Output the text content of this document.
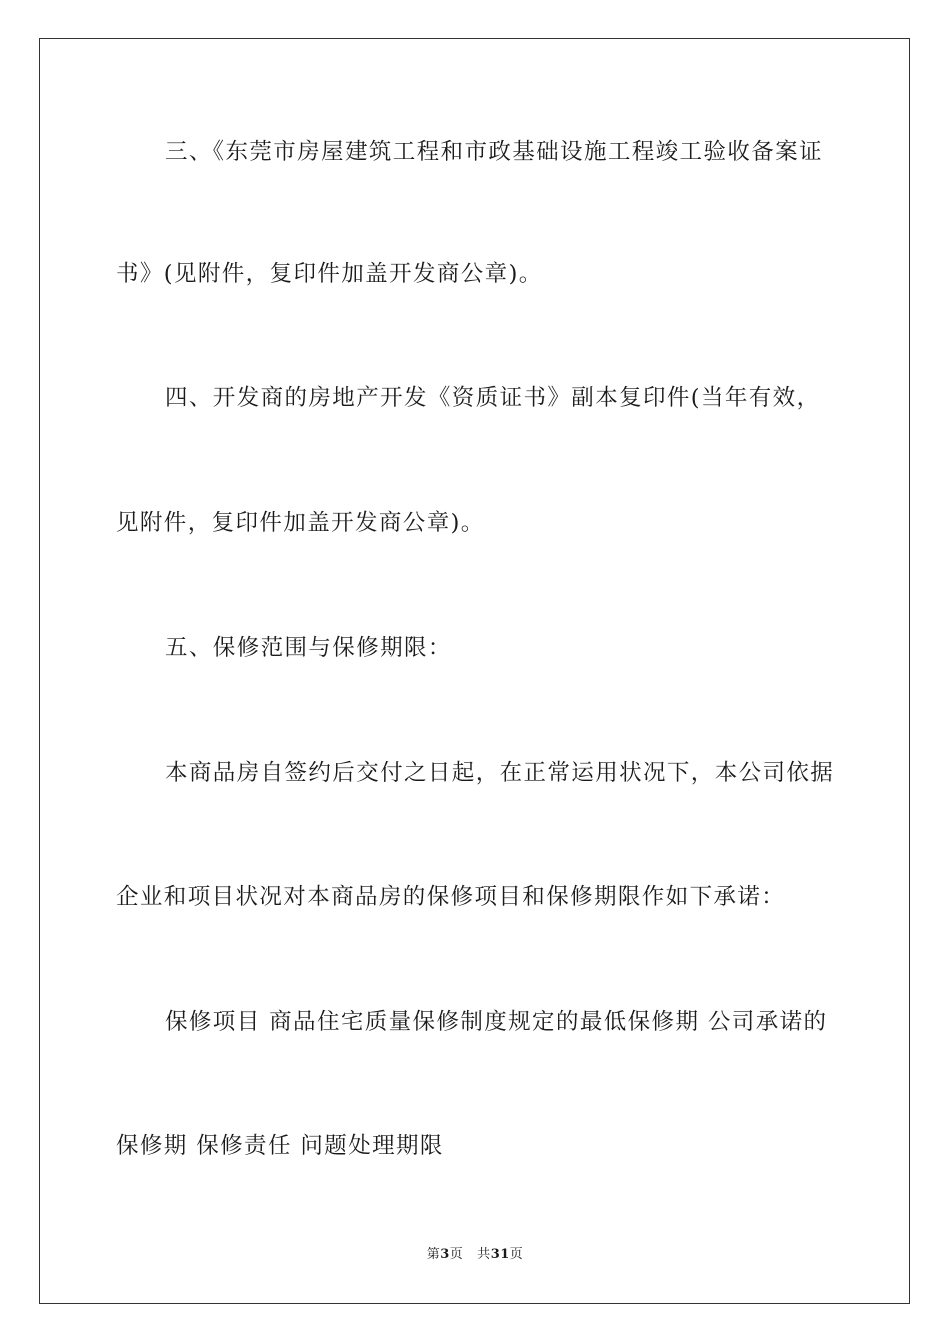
三、《东莞市房屋建筑工程和市政基础设施工程竣工验收备案证
书》(见附件，复印件加盖开发商公章)。
四、开发商的房地产开发《资质证书》副本复印件(当年有效，
见附件，复印件加盖开发商公章)。
五、保修范围与保修期限：
本商品房自签约后交付之日起，在正常运用状况下，本公司依据
企业和项目状况对本商品房的保修项目和保修期限作如下承诺：
保修项目 商品住宅质量保修制度规定的最低保修期 公司承诺的
保修期 保修责任 问题处理期限
第3页 共31页
